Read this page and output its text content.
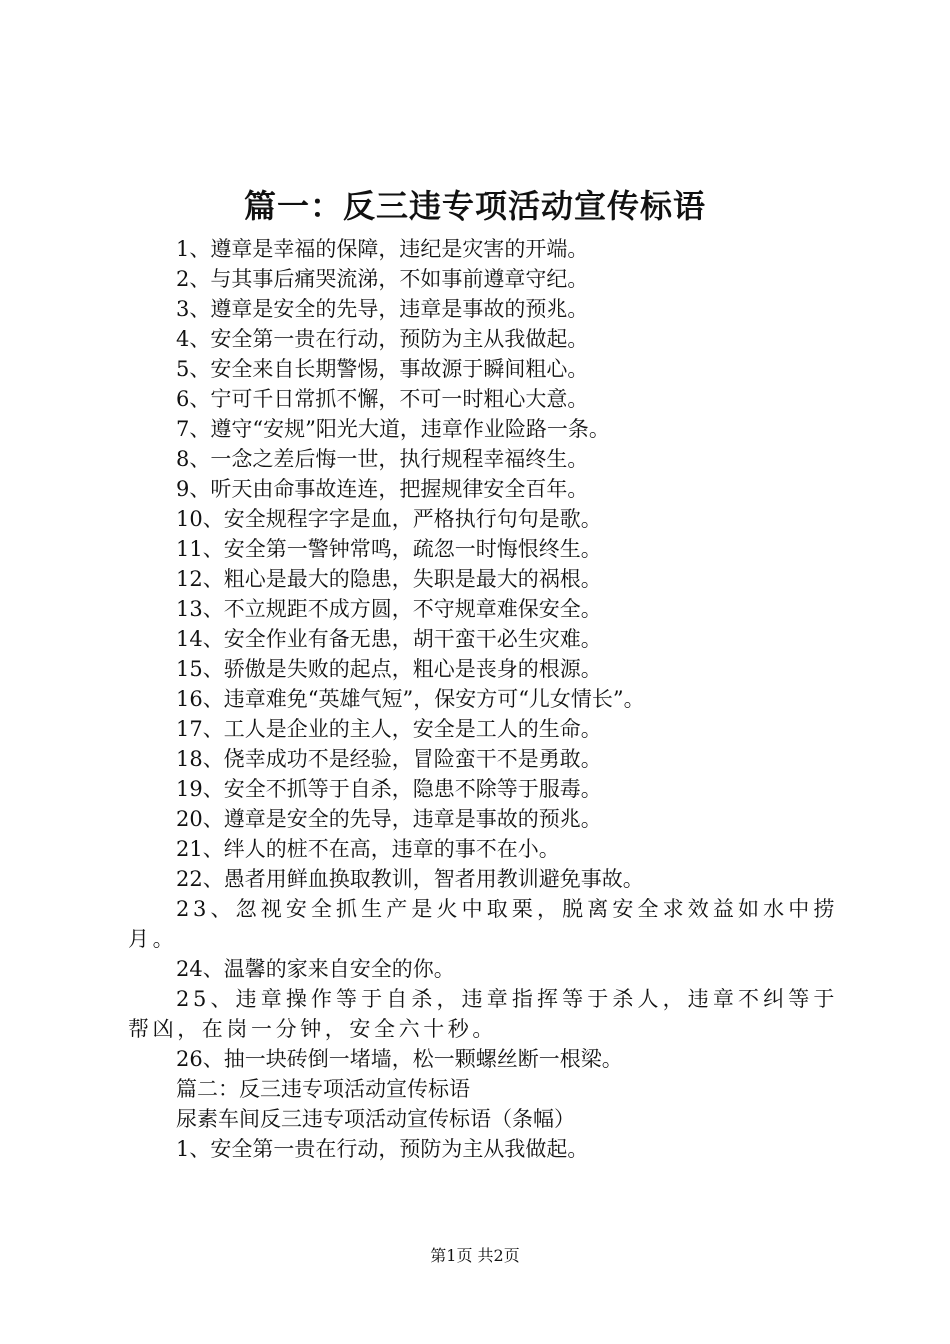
篇一：反三违专项活动宣传标语
1、遵章是幸福的保障，违纪是灾害的开端。
2、与其事后痛哭流涕，不如事前遵章守纪。
3、遵章是安全的先导，违章是事故的预兆。
4、安全第一贵在行动，预防为主从我做起。
5、安全来自长期警惕，事故源于瞬间粗心。
6、宁可千日常抓不懈，不可一时粗心大意。
7、遵守“安规”阳光大道，违章作业险路一条。
8、一念之差后悔一世，执行规程幸福终生。
9、听天由命事故连连，把握规律安全百年。
10、安全规程字字是血，严格执行句句是歌。
11、安全第一警钟常鸣，疏忽一时悔恨终生。
12、粗心是最大的隐患，失职是最大的祸根。
13、不立规距不成方圆，不守规章难保安全。
14、安全作业有备无患，胡干蛮干必生灾难。
15、骄傲是失败的起点，粗心是丧身的根源。
16、违章难免“英雄气短”，保安方可“儿女情长”。
17、工人是企业的主人，安全是工人的生命。
18、侥幸成功不是经验，冒险蛮干不是勇敢。
19、安全不抓等于自杀，隐患不除等于服毒。
20、遵章是安全的先导，违章是事故的预兆。
21、绊人的桩不在高，违章的事不在小。
22、愚者用鲜血换取教训，智者用教训避免事故。
23、忽视安全抓生产是火中取栗，脱离安全求效益如水中捞月。
24、温馨的家来自安全的你。
25、违章操作等于自杀，违章指挥等于杀人，违章不纠等于帮凶，在岗一分钟，安全六十秒。
26、抽一块砖倒一堵墙，松一颗螺丝断一根梁。
篇二：反三违专项活动宣传标语
尿素车间反三违专项活动宣传标语（条幅）
1、安全第一贵在行动，预防为主从我做起。
第1页 共2页
